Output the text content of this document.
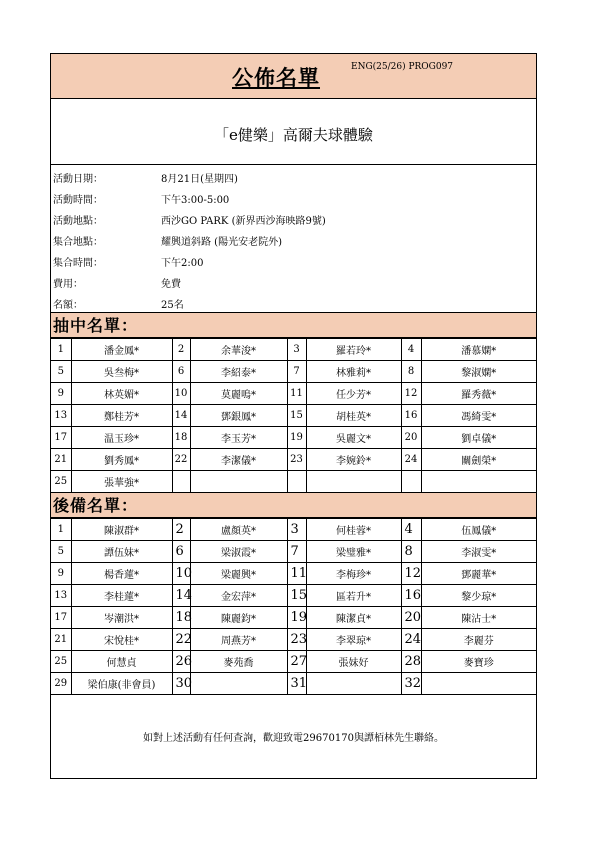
公佈名單	ENG(25/26) PROG097
「e健樂」高爾夫球體驗
活動日期：	8月21日(星期四)
活動時間：	下午3:00-5:00
活動地點：	西沙GO PARK (新界西沙海映路9號)
集合地點：	耀興道斜路 (陽光安老院外)
集合時間：	下午2:00
費用：	免費
名額：	25名
抽中名單：
1	潘金鳳*	2	余華浚*	3	羅若玲*	4	潘慕嫻*
5	吳叁梅*	6	李紹泰*	7	林雅莉*	8	黎淑嫻*
9	林英媚*	10	莫麗嗚*	11	任少芳*	12	羅秀薇*
13	鄭桂芳*	14	鄧銀鳳*	15	胡桂英*	16	馮綺雯*
17	温玉珍*	18	李玉芳*	19	吳麗文*	20	劉卓儀*
21	劉秀鳳*	22	李潔儀*	23	李婉鈴*	24	關劍榮*
25	張華強*						
後備名單：
1	陳淑群*	2	盧顏英*	3	何桂蓉*	4	伍鳳儀*
5	譚伍妹*	6	梁淑霞*	7	梁璧雅*	8	李淑雯*
9	楊香蓮*	10	梁麗興*	11	李梅珍*	12	鄧麗華*
13	李桂蓮*	14	金宏萍*	15	區若升*	16	黎少琼*
17	岑潮洪*	18	陳麗鈞*	19	陳潔貞*	20	陳沾士*
21	宋悅桂*	22	周燕芳*	23	李翠琼*	24	李麗芬
25	何慧貞	26	麥苑喬	27	張妹好	28	麥寶珍
29	梁伯康(非會員)	30		31		32	
如對上述活動有任何查詢，歡迎致電29670170與譚栢林先生聯絡。
